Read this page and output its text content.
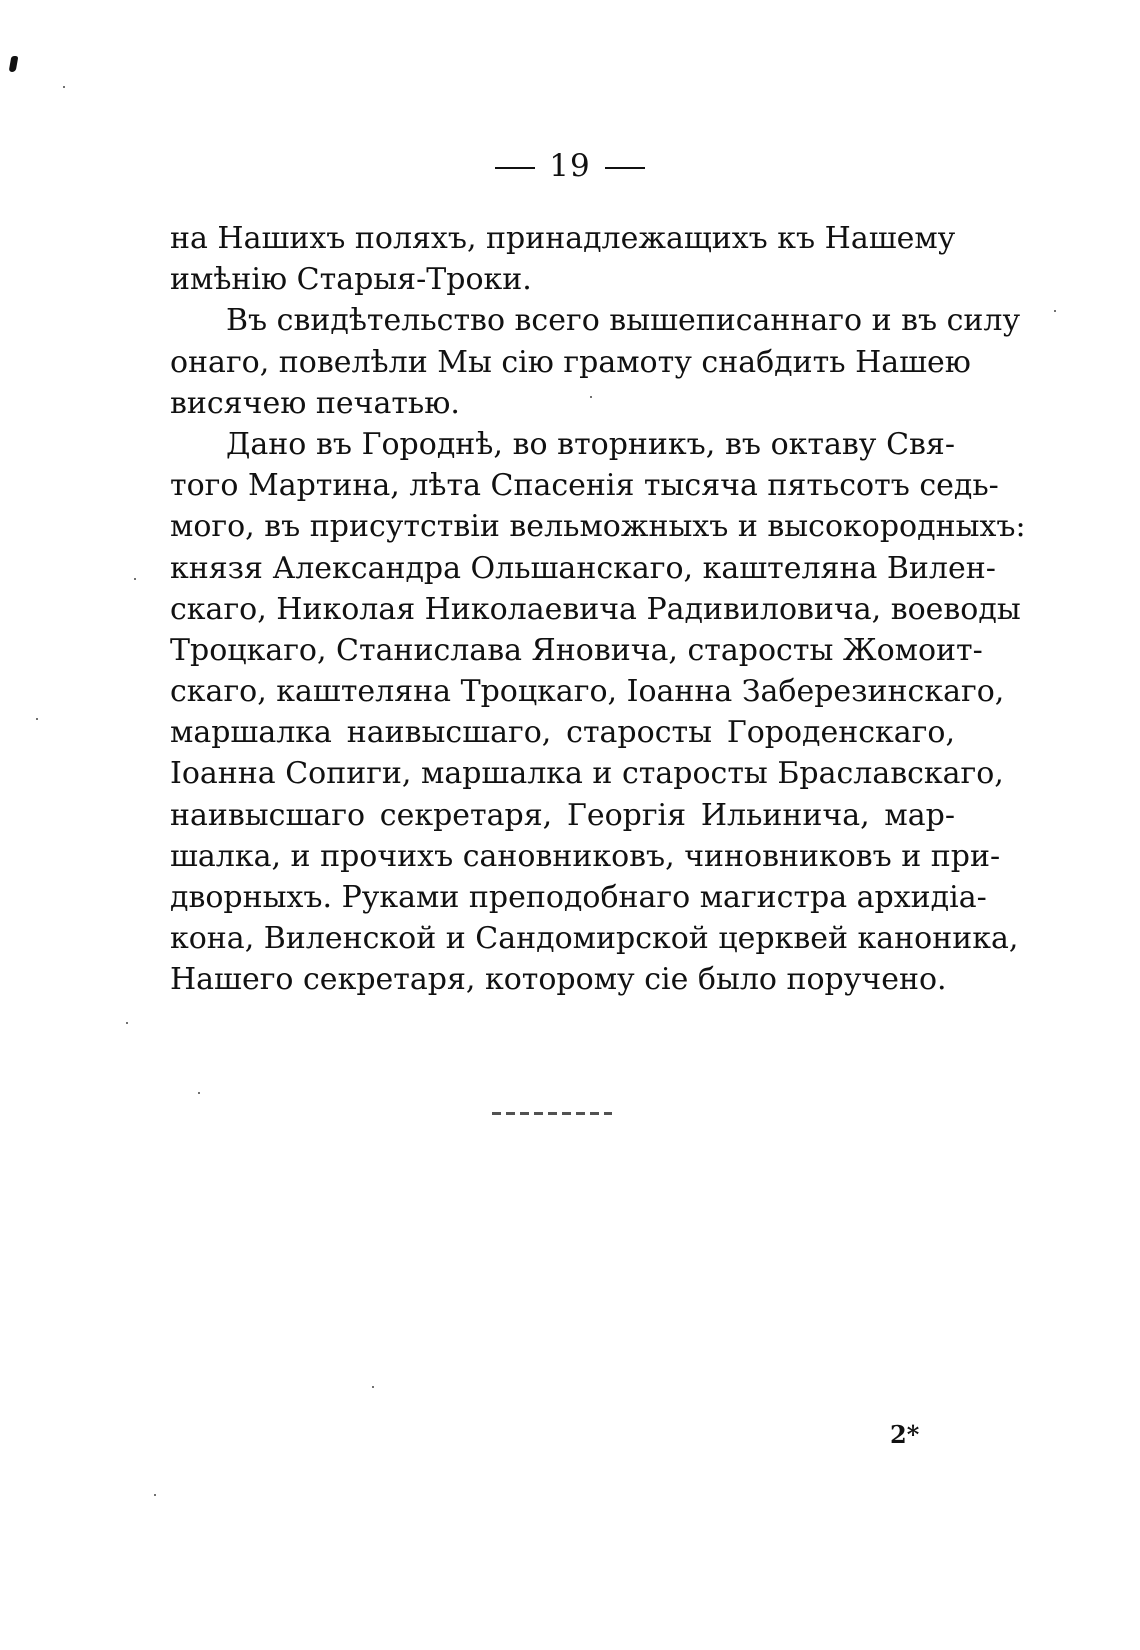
19
на Нашихъ поляхъ, принадлежащихъ къ Нашему
имѣнію Старыя-Троки.
Въ свидѣтельство всего вышеписаннаго и въ силу
онаго, повелѣли Мы сію грамоту снабдить Нашею
висячею печатью.
Дано въ Городнѣ, во вторникъ, въ октаву Свя-
того Мартина, лѣта Спасенія тысяча пятьсотъ седь-
мого, въ присутствіи вельможныхъ и высокородныхъ:
князя Александра Ольшанскаго, каштеляна Вилен-
скаго, Николая Николаевича Радивиловича, воеводы
Троцкаго, Станислава Яновича, старосты Жомоит-
скаго, каштеляна Троцкаго, Іоанна Заберезинскаго,
маршалка наивысшаго, старосты Городенскаго,
Іоанна Сопиги, маршалка и старосты Браславскаго,
наивысшаго секретаря, Георгія Ильинича, мар-
шалка, и прочихъ сановниковъ, чиновниковъ и при-
дворныхъ. Руками преподобнаго магистра архидіа-
кона, Виленской и Сандомирской церквей каноника,
Нашего секретаря, которому сіе было поручено.
2*
